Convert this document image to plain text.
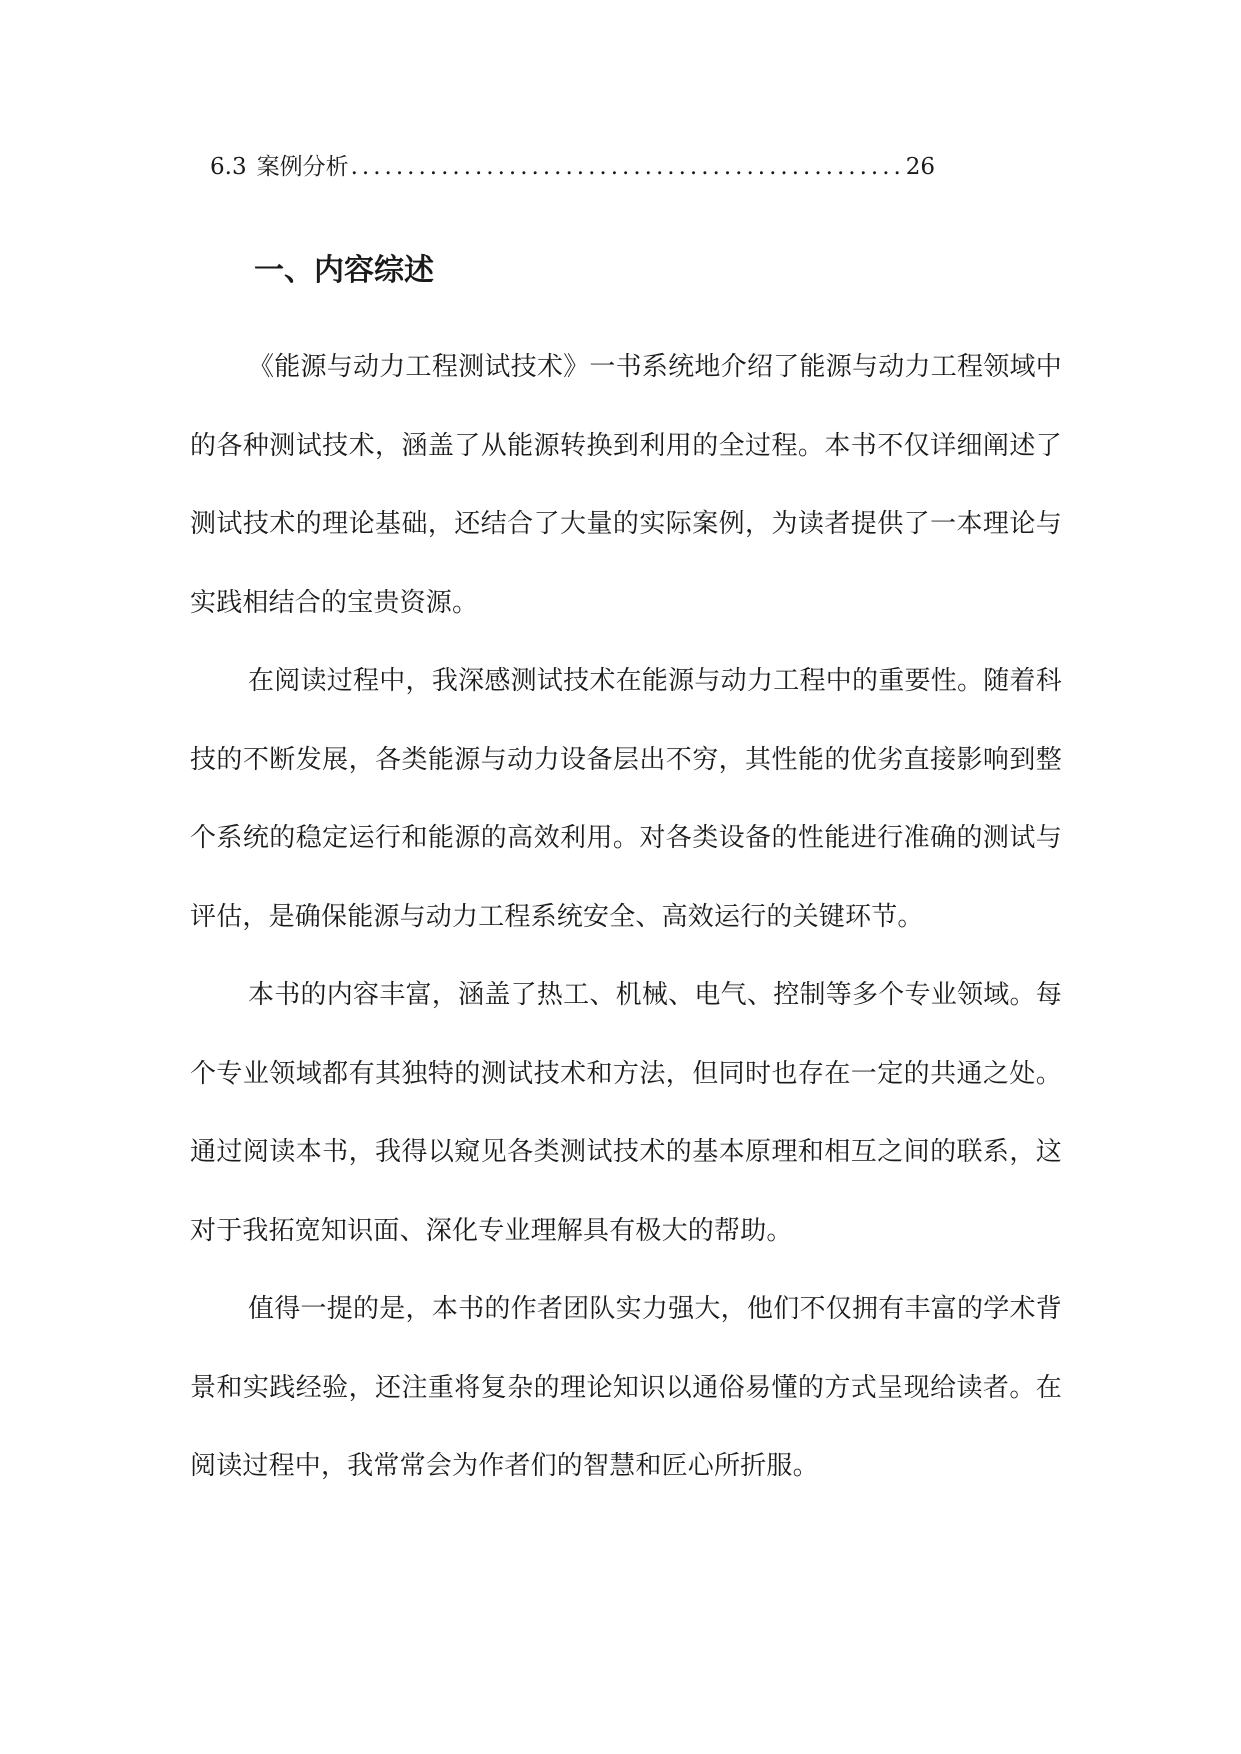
6.3 案例分析
.....	26
一、内容综述

《能源与动力工程测试技术》一书系统地介绍了能源与动力工程领域中的各种测试技术，涵盖了从能源转换到利用的全过程。本书不仅详细阐述了测试技术的理论基础，还结合了大量的实际案例，为读者提供了一本理论与实践相结合的宝贵资源。

在阅读过程中，我深感测试技术在能源与动力工程中的重要性。随着科技的不断发展，各类能源与动力设备层出不穷，其性能的优劣直接影响到整个系统的稳定运行和能源的高效利用。对各类设备的性能进行准确的测试与评估，是确保能源与动力工程系统安全、高效运行的关键环节。

本书的内容丰富，涵盖了热工、机械、电气、控制等多个专业领域。每个专业领域都有其独特的测试技术和方法，但同时也存在一定的共通之处。通过阅读本书，我得以窥见各类测试技术的基本原理和相互之间的联系，这对于我拓宽知识面、深化专业理解具有极大的帮助。

值得一提的是，本书的作者团队实力强大，他们不仅拥有丰富的学术背景和实践经验，还注重将复杂的理论知识以通俗易懂的方式呈现给读者。在阅读过程中，我常常会为作者们的智慧和匠心所折服。
